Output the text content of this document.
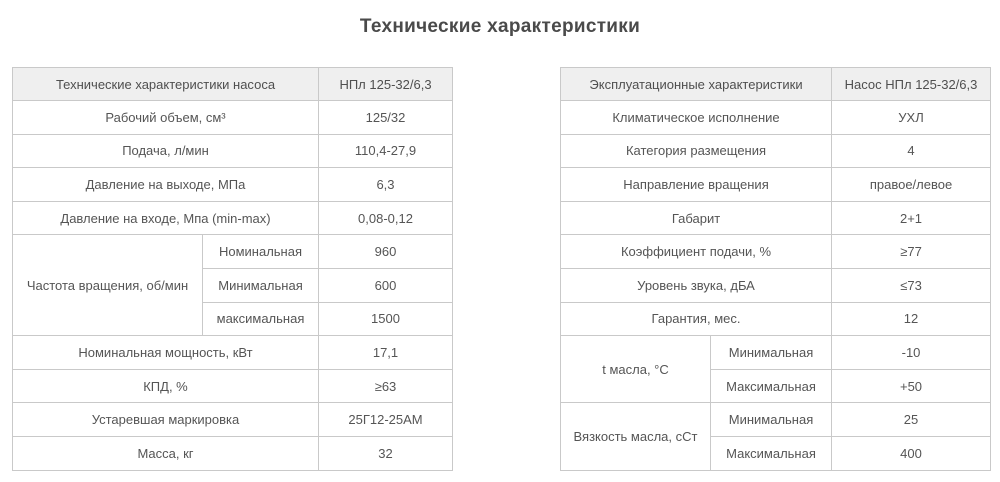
Технические характеристики
Технические характеристики насоса		НПл 125-32/6,3
Рабочий объем, см³		125/32
Подача, л/мин		110,4-27,9
Давление на выходе, МПа		6,3
Давление на входе, Мпа (min-max)		0,08-0,12
Частота вращения, об/мин	Номинальная	960
	Минимальная	600
	максимальная	1500
Номинальная мощность, кВт		17,1
КПД, %		≥63
Устаревшая маркировка		25Г12-25АМ
Масса, кг		32
Эксплуатационные характеристики		Насос НПл 125-32/6,3
Климатическое исполнение		УХЛ
Категория размещения		4
Направление вращения		правое/левое
Габарит		2+1
Коэффициент подачи, %		≥77
Уровень звука, дБА		≤73
Гарантия, мес.		12
t масла, °С	Минимальная	-10
	Максимальная	+50
Вязкость масла, сСт	Минимальная	25
	Максимальная	400
